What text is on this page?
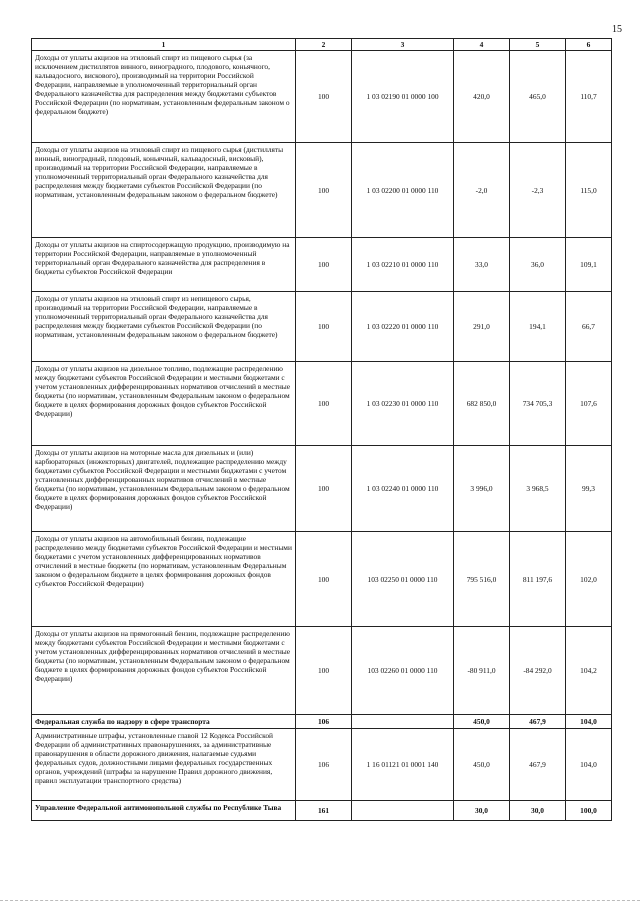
15
1	2	3	4	5	6
Доходы от уплаты акцизов на этиловый спирт из пищевого сырья (за исключением дистиллятов винного, виноградного, плодового, коньячного, кальвадосного, вискового), производимый на территории Российской Федерации, направляемые в уполномоченный территориальный орган Федерального казначейства для распределения между бюджетами субъектов Российской Федерации (по нормативам, установленным федеральным законом о федеральном бюджете)	100	1 03 02190 01 0000 100	420,0	465,0	110,7
Доходы от уплаты акцизов на этиловый спирт из пищевого сырья (дистилляты винный, виноградный, плодовый, коньячный, кальвадосный, висковый), производимый на территории Российской Федерации, направляемые в уполномоченный территориальный орган Федерального казначейства для распределения между бюджетами субъектов Российской Федерации (по нормативам, установленным федеральным законом о федеральном бюджете)	100	1 03 02200 01 0000 110	-2,0	-2,3	115,0
Доходы от уплаты акцизов на спиртосодержащую продукцию, производимую на территории Российской Федерации, направляемые в уполномоченный территориальный орган Федерального казначейства для распределения в бюджеты субъектов Российской Федерации	100	1 03 02210 01 0000 110	33,0	36,0	109,1
Доходы от уплаты акцизов на этиловый спирт из непищевого сырья, производимый на территории Российской Федерации, направляемые в уполномоченный территориальный орган Федерального казначейства для распределения между бюджетами субъектов Российской Федерации (по нормативам, установленным федеральным законом о федеральном бюджете)	100	1 03 02220 01 0000 110	291,0	194,1	66,7
Доходы от уплаты акцизов на дизельное топливо, подлежащие распределению между бюджетами субъектов Российской Федерации и местными бюджетами с учетом установленных дифференцированных нормативов отчислений в местные бюджеты (по нормативам, установленным Федеральным законом о федеральном бюджете в целях формирования дорожных фондов субъектов Российской Федерации)	100	1 03 02230 01 0000 110	682 850,0	734 705,3	107,6
Доходы от уплаты акцизов на моторные масла для дизельных и (или) карбюраторных (инжекторных) двигателей, подлежащие распределению между бюджетами субъектов Российской Федерации и местными бюджетами с учетом установленных дифференцированных нормативов отчислений в местные бюджеты (по нормативам, установленным Федеральным законом о федеральном бюджете в целях формирования дорожных фондов субъектов Российской Федерации)	100	1 03 02240 01 0000 110	3 996,0	3 968,5	99,3
Доходы от уплаты акцизов на автомобильный бензин, подлежащие распределению между бюджетами субъектов Российской Федерации и местными бюджетами с учетом установленных дифференцированных нормативов отчислений в местные бюджеты (по нормативам, установленным Федеральным законом о федеральном бюджете в целях формирования дорожных фондов субъектов Российской Федерации)	100	103 02250 01 0000 110	795 516,0	811 197,6	102,0
Доходы от уплаты акцизов на прямогонный бензин, подлежащие распределению между бюджетами субъектов Российской Федерации и местными бюджетами с учетом установленных дифференцированных нормативов отчислений в местные бюджеты (по нормативам, установленным Федеральным законом о федеральном бюджете в целях формирования дорожных фондов субъектов Российской Федерации)	100	103 02260 01 0000 110	-80 911,0	-84 292,0	104,2
Федеральная служба по надзору в сфере транспорта	106		450,0	467,9	104,0
Административные штрафы, установленные главой 12 Кодекса Российской Федерации об административных правонарушениях, за административные правонарушения в области дорожного движения, налагаемые судьями федеральных судов, должностными лицами федеральных государственных органов, учреждений (штрафы за нарушение Правил дорожного движения, правил эксплуатации транспортного средства)	106	1 16 01121 01 0001 140	450,0	467,9	104,0
Управление Федеральной антимонопольной службы по Республике Тыва	161		30,0	30,0	100,0
